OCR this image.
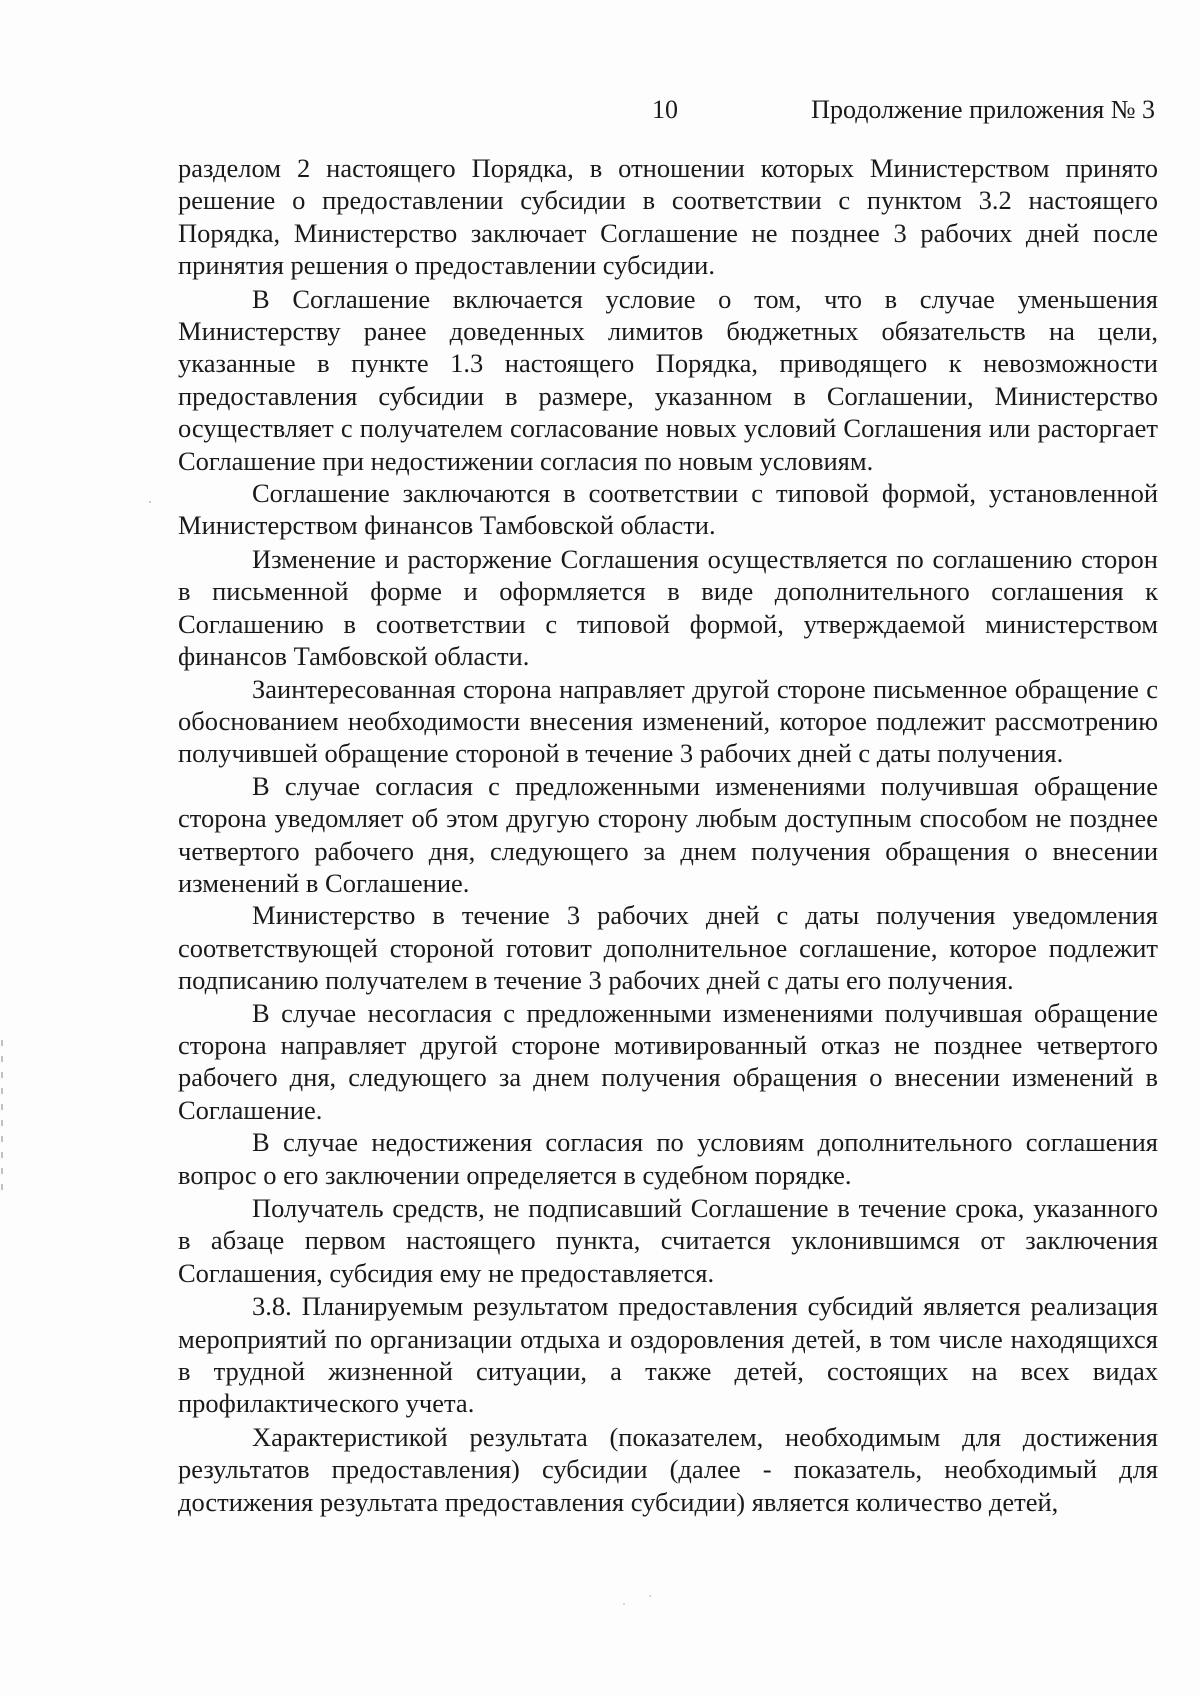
10	Продолжение приложения № 3

разделом 2 настоящего Порядка, в отношении которых Министерством принято решение о предоставлении субсидии в соответствии с пунктом 3.2 настоящего Порядка, Министерство заключает Соглашение не позднее 3 рабочих дней после принятия решения о предоставлении субсидии.

В Соглашение включается условие о том, что в случае уменьшения Министерству ранее доведенных лимитов бюджетных обязательств на цели, указанные в пункте 1.3 настоящего Порядка, приводящего к невозможности предоставления субсидии в размере, указанном в Соглашении, Министерство осуществляет с получателем согласование новых условий Соглашения или расторгает Соглашение при недостижении согласия по новым условиям.

Соглашение заключаются в соответствии с типовой формой, установленной Министерством финансов Тамбовской области.

Изменение и расторжение Соглашения осуществляется по соглашению сторон в письменной форме и оформляется в виде дополнительного соглашения к Соглашению в соответствии с типовой формой, утверждаемой министерством финансов Тамбовской области.

Заинтересованная сторона направляет другой стороне письменное обращение с обоснованием необходимости внесения изменений, которое подлежит рассмотрению получившей обращение стороной в течение 3 рабочих дней с даты получения.

В случае согласия с предложенными изменениями получившая обращение сторона уведомляет об этом другую сторону любым доступным способом не позднее четвертого рабочего дня, следующего за днем получения обращения о внесении изменений в Соглашение.

Министерство в течение 3 рабочих дней с даты получения уведомления соответствующей стороной готовит дополнительное соглашение, которое подлежит подписанию получателем в течение 3 рабочих дней с даты его получения.

В случае несогласия с предложенными изменениями получившая обращение сторона направляет другой стороне мотивированный отказ не позднее четвертого рабочего дня, следующего за днем получения обращения о внесении изменений в Соглашение.

В случае недостижения согласия по условиям дополнительного соглашения вопрос о его заключении определяется в судебном порядке.

Получатель средств, не подписавший Соглашение в течение срока, указанного в абзаце первом настоящего пункта, считается уклонившимся от заключения Соглашения, субсидия ему не предоставляется.

3.8. Планируемым результатом предоставления субсидий является реализация мероприятий по организации отдыха и оздоровления детей, в том числе находящихся в трудной жизненной ситуации, а также детей, состоящих на всех видах профилактического учета.

Характеристикой результата (показателем, необходимым для достижения результатов предоставления) субсидии (далее - показатель, необходимый для достижения результата предоставления субсидии) является количество детей,
